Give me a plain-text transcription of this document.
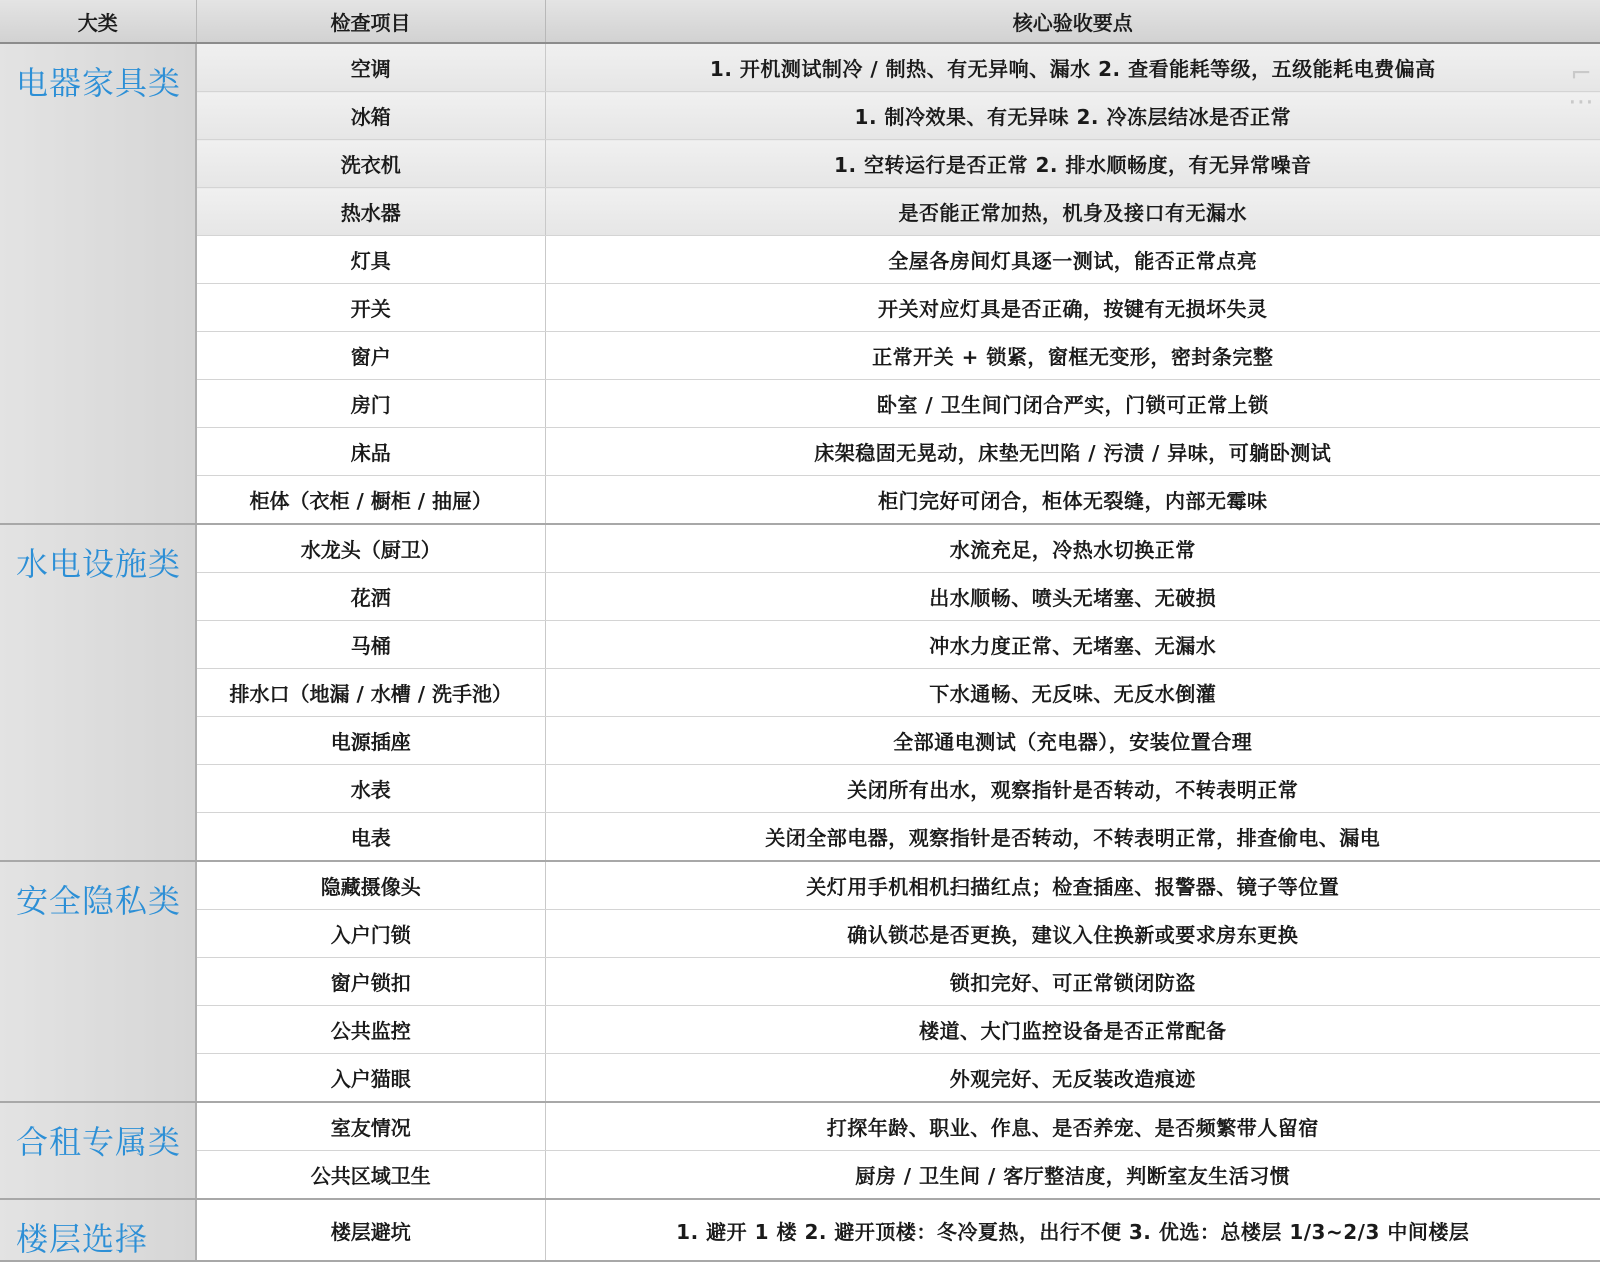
大类	检查项目	核心验收要点

电器家具类	空调	1. 开机测试制冷 / 制热、有无异响、漏水 2. 查看能耗等级，五级能耗电费偏高
	冰箱	1. 制冷效果、有无异味 2. 冷冻层结冰是否正常
	洗衣机	1. 空转运行是否正常 2. 排水顺畅度，有无异常噪音
	热水器	是否能正常加热，机身及接口有无漏水
	灯具	全屋各房间灯具逐一测试，能否正常点亮
	开关	开关对应灯具是否正确，按键有无损坏失灵
	窗户	正常开关 + 锁紧，窗框无变形，密封条完整
	房门	卧室 / 卫生间门闭合严实，门锁可正常上锁
	床品	床架稳固无晃动，床垫无凹陷 / 污渍 / 异味，可躺卧测试
	柜体（衣柜 / 橱柜 / 抽屉）	柜门完好可闭合，柜体无裂缝，内部无霉味

水电设施类	水龙头（厨卫）	水流充足，冷热水切换正常
	花洒	出水顺畅、喷头无堵塞、无破损
	马桶	冲水力度正常、无堵塞、无漏水
	排水口（地漏 / 水槽 / 洗手池）	下水通畅、无反味、无反水倒灌
	电源插座	全部通电测试（充电器），安装位置合理
	水表	关闭所有出水，观察指针是否转动，不转表明正常
	电表	关闭全部电器，观察指针是否转动，不转表明正常，排查偷电、漏电

安全隐私类	隐藏摄像头	关灯用手机相机扫描红点；检查插座、报警器、镜子等位置
	入户门锁	确认锁芯是否更换，建议入住换新或要求房东更换
	窗户锁扣	锁扣完好、可正常锁闭防盗
	公共监控	楼道、大门监控设备是否正常配备
	入户猫眼	外观完好、无反装改造痕迹

合租专属类	室友情况	打探年龄、职业、作息、是否养宠、是否频繁带人留宿
	公共区域卫生	厨房 / 卫生间 / 客厅整洁度，判断室友生活习惯

楼层选择	楼层避坑	1. 避开 1 楼 2. 避开顶楼：冬冷夏热，出行不便 3. 优选：总楼层 1/3~2/3 中间楼层
⌐
⋯
